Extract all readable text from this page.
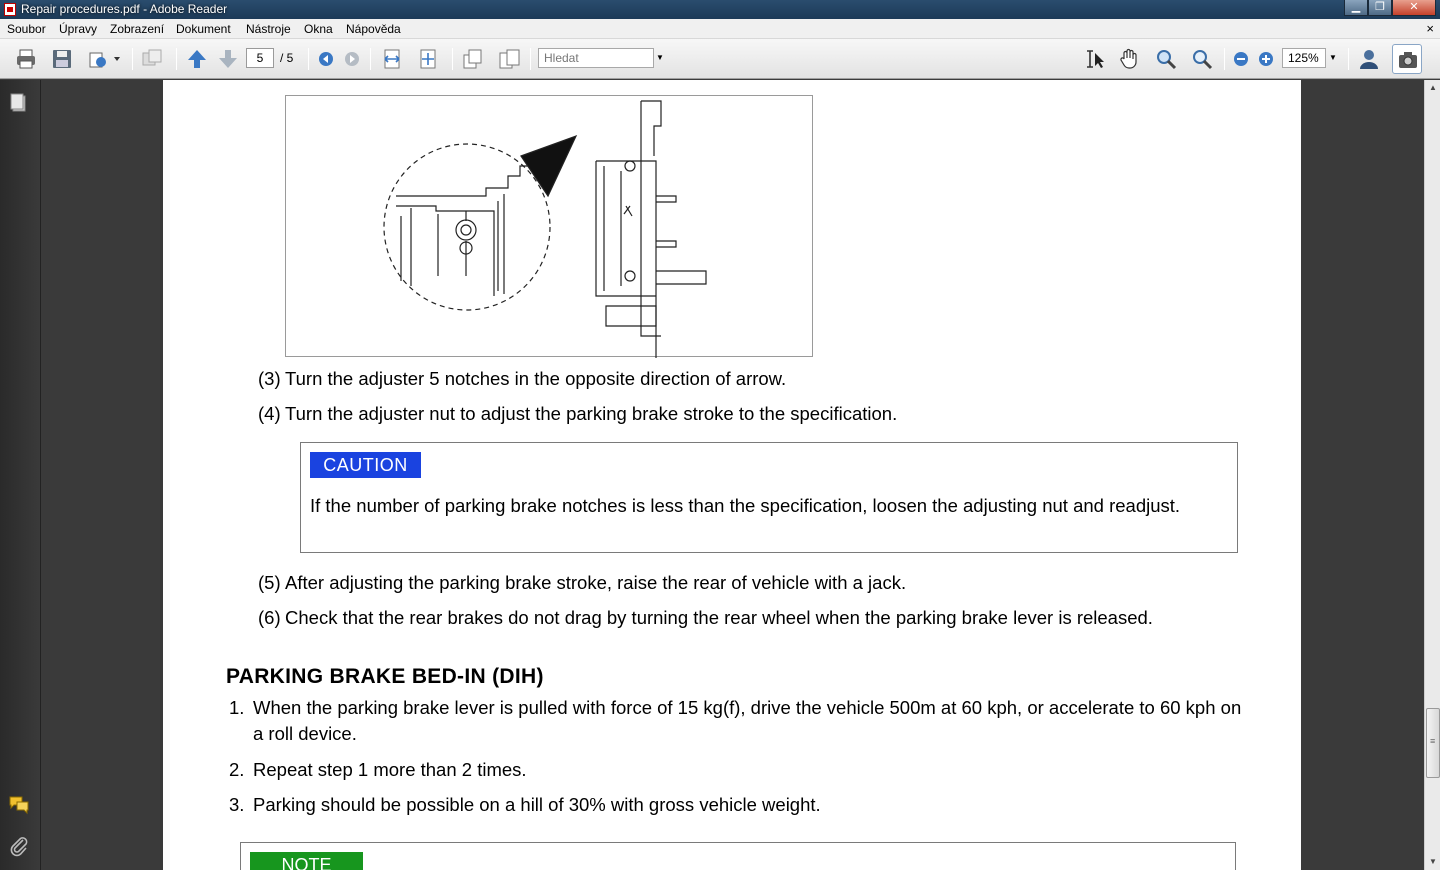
Repair procedures.pdf - Adobe Reader	▁	❐	✕
Soubor Úpravy Zobrazení Dokument Nástroje Okna Nápověda	×
5	/ 5	Hledat	▼	125%	▼
(3) Turn the adjuster 5 notches in the opposite direction of arrow.
(4) Turn the adjuster nut to adjust the parking brake stroke to the specification.
CAUTION
If the number of parking brake notches is less than the specification, loosen the adjusting nut and readjust.
(5) After adjusting the parking brake stroke, raise the rear of vehicle with a jack.
(6) Check that the rear brakes do not drag by turning the rear wheel when the parking brake lever is released.
PARKING BRAKE BED-IN (DIH)
1. When the parking brake lever is pulled with force of 15 kg(f), drive the vehicle 500m at 60 kph, or accelerate to 60 kph on a roll device.
2. Repeat step 1 more than 2 times.
3. Parking should be possible on a hill of 30% with gross vehicle weight.
NOTE
▲
≡
▼
